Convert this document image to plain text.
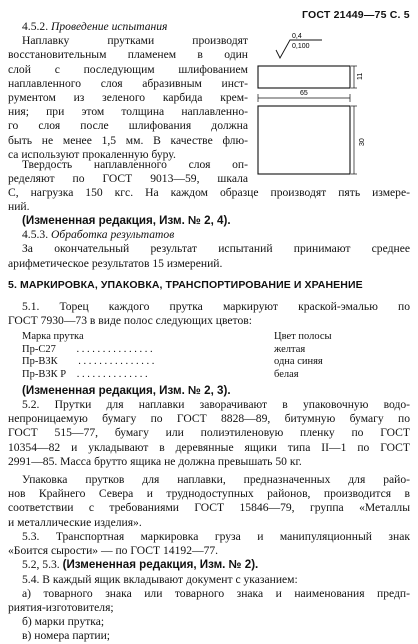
ГОСТ 21449—75 С. 5
4.5.2. Проведение испытания
Наплавку прутками производят
восстановительным пламенем в один
слой с последующим шлифованием
наплавленного слоя абразивным инст-
рументом из зеленого карбида крем-
ния; при этом толщина наплавленно-
го слоя после шлифования должна
быть не менее 1,5 мм. В качестве флю-
са используют прокаленную буру.
0,4
0,100
11
65
30
Твердость наплавленного слоя оп-
ределяют по ГОСТ 9013—59, шкала
С, нагрузка 150 кгс. На каждом образце производят пять измере-
ний.
(Измененная редакция, Изм. № 2, 4).
4.5.3. Обработка результатов
За окончательный результат испытаний принимают среднее
арифметическое результатов 15 измерений.
5. МАРКИРОВКА, УПАКОВКА, ТРАНСПОРТИРОВАНИЕ И ХРАНЕНИЕ
5.1. Торец каждого прутка маркируют краской-эмалью по
ГОСТ 7930—73 в виде полос следующих цветов:
Марка прутка	Цвет полосы
Пр-С27 . . . . . . . . . . . . . . .	желтая
Пр-ВЗК . . . . . . . . . . . . . . .	одна синяя
Пр-ВЗК Р . . . . . . . . . . . . . .	белая
(Измененная редакция, Изм. № 2, 3).
5.2. Прутки для наплавки заворачивают в упаковочную водо-
непроницаемую бумагу по ГОСТ 8828—89, битумную бумагу по
ГОСТ 515—77, бумагу или полиэтиленовую пленку по ГОСТ
10354—82 и укладывают в деревянные ящики типа II—1 по ГОСТ
2991—85. Масса брутто ящика не должна превышать 50 кг.
Упаковка прутков для наплавки, предназначенных для райо-
нов Крайнего Севера и труднодоступных районов, производится в
соответствии с требованиями ГОСТ 15846—79, группа «Металлы
и металлические изделия».
5.3. Транспортная маркировка груза и манипуляционный знак
«Боится сырости» — по ГОСТ 14192—77.
5.2, 5.3. (Измененная редакция, Изм. № 2).
5.4. В каждый ящик вкладывают документ с указанием:
а) товарного знака или товарного знака и наименования предп-
риятия-изготовителя;
б) марки прутка;
в) номера партии;
